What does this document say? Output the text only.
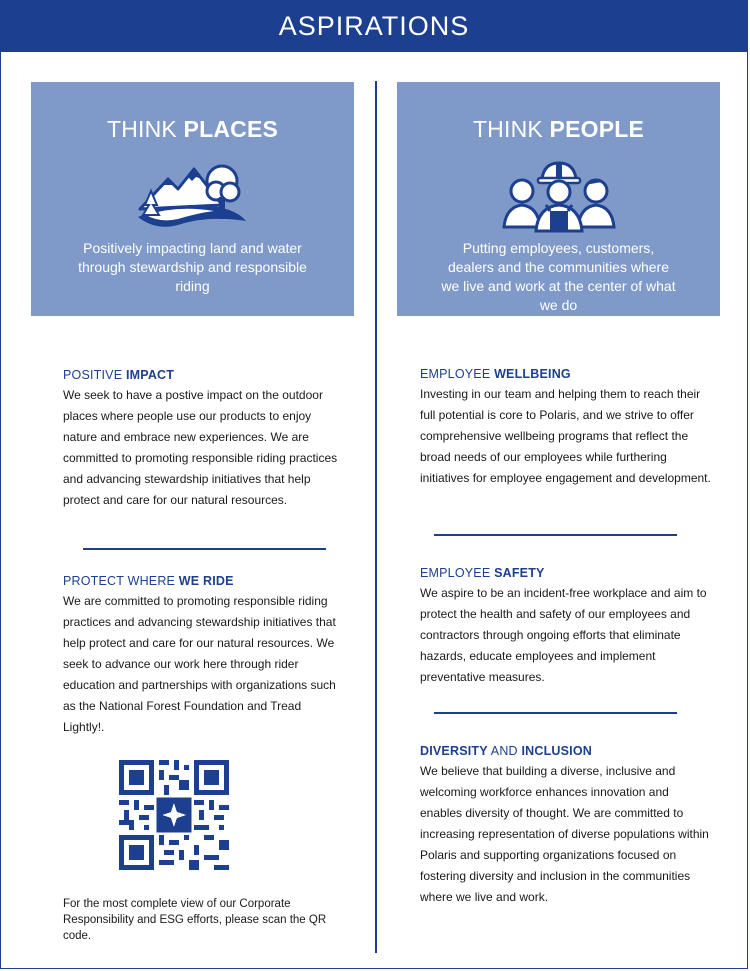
ASPIRATIONS
THINK PLACES
Positively impacting land and water through stewardship and responsible riding
THINK PEOPLE
Putting employees, customers, dealers and the communities where we live and work at the center of what we do
POSITIVE IMPACT
We seek to have a postive impact on the outdoor places where people use our products to enjoy nature and embrace new experiences. We are committed to promoting responsible riding practices and advancing stewardship initiatives that help protect and care for our natural resources.
PROTECT WHERE WE RIDE
We are committed to promoting responsible riding practices and advancing stewardship initiatives that help protect and care for our natural resources. We seek to advance our work here through rider education and partnerships with organizations such as the National Forest Foundation and Tread Lightly!.
For the most complete view of our Corporate Responsibility and ESG efforts, please scan the QR code.
EMPLOYEE WELLBEING
Investing in our team and helping them to reach their full potential is core to Polaris, and we strive to offer comprehensive wellbeing programs that reflect the broad needs of our employees while furthering initiatives for employee engagement and development.
EMPLOYEE SAFETY
We aspire to be an incident-free workplace and aim to protect the health and safety of our employees and contractors through ongoing efforts that eliminate hazards, educate employees and implement preventative measures.
DIVERSITY AND INCLUSION
We believe that building a diverse, inclusive and welcoming workforce enhances innovation and enables diversity of thought. We are committed to increasing representation of diverse populations within Polaris and supporting organizations focused on fostering diversity and inclusion in the communities where we live and work.
